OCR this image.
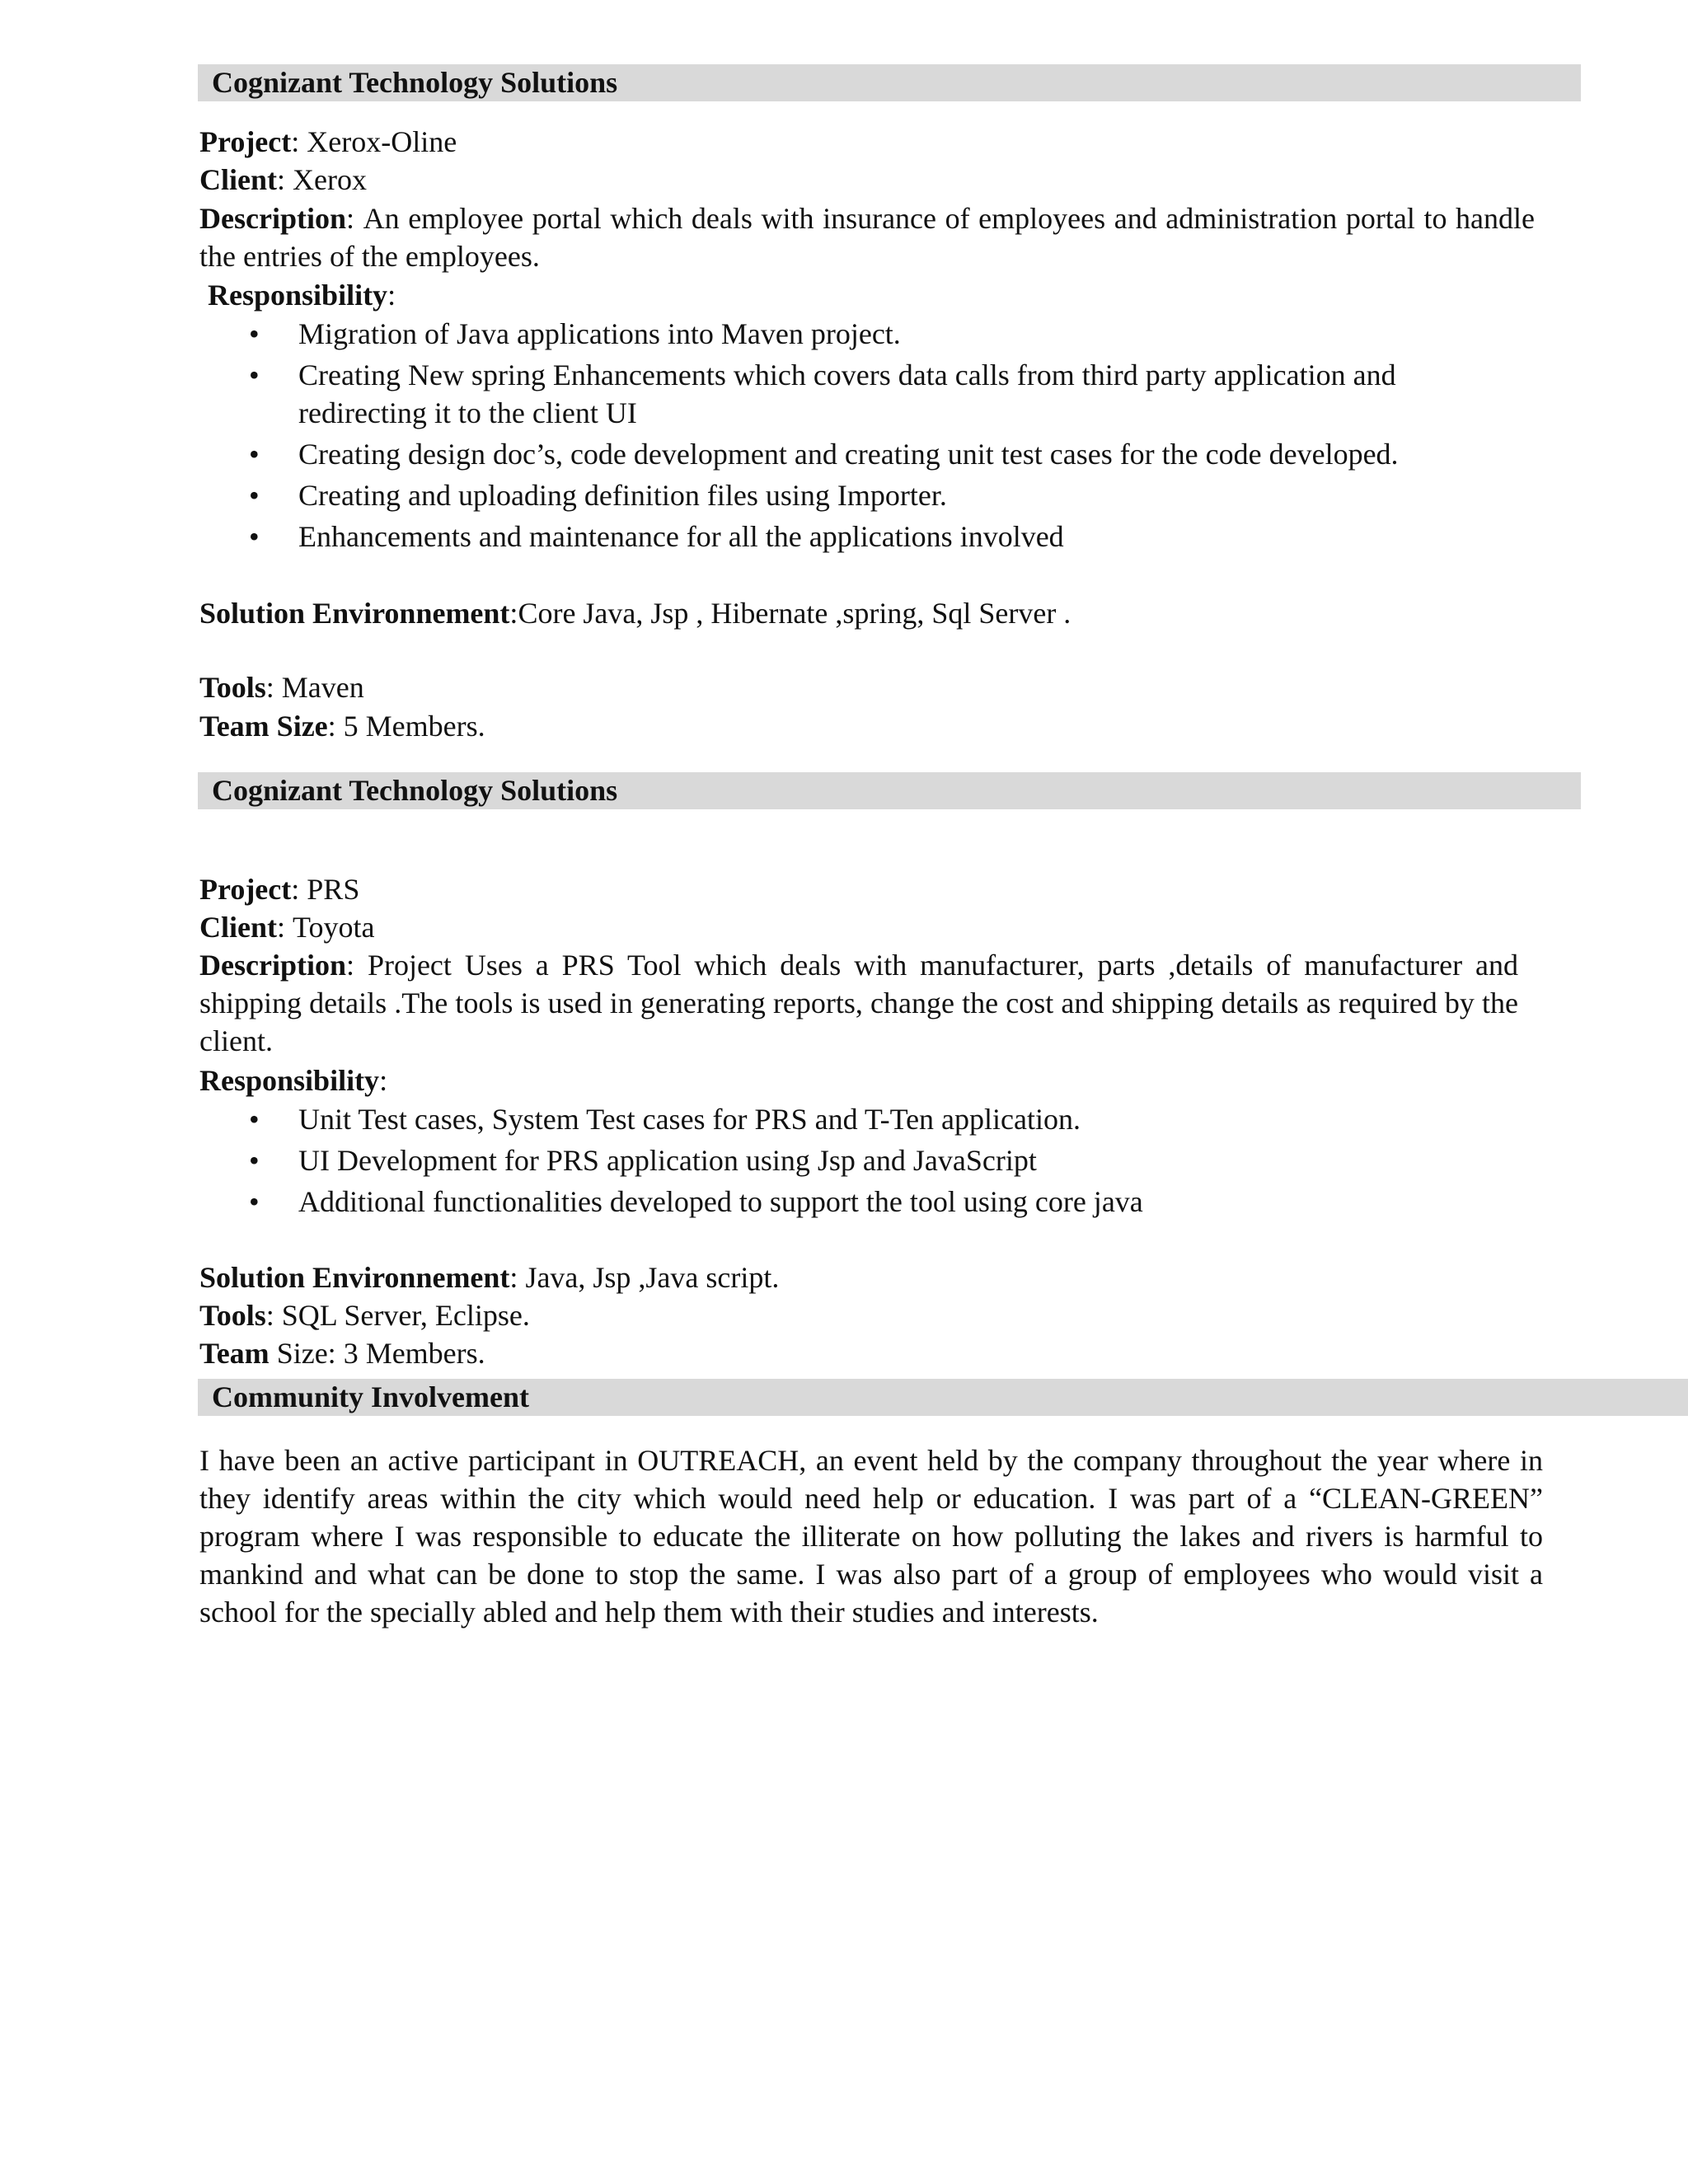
Cognizant Technology Solutions
Project: Xerox-Oline
Client: Xerox
Description: An employee portal which deals with insurance of employees and administration portal to handle the entries of the employees.
Responsibility:
• Migration of Java applications into Maven project.
• Creating New spring Enhancements which covers data calls from third party application and redirecting it to the client UI
• Creating design doc’s, code development and creating unit test cases for the code developed.
• Creating and uploading definition files using Importer.
• Enhancements and maintenance for all the applications involved
Solution Environnement:Core Java, Jsp , Hibernate ,spring, Sql Server .
Tools: Maven
Team Size: 5 Members.
Cognizant Technology Solutions
Project: PRS
Client: Toyota
Description: Project Uses a PRS Tool which deals with manufacturer, parts ,details of manufacturer and shipping details .The tools is used in generating reports, change the cost and shipping details as required by the client.
Responsibility:
• Unit Test cases, System Test cases for PRS and T-Ten application.
• UI Development for PRS application using Jsp and JavaScript
• Additional functionalities developed to support the tool using core java
Solution Environnement: Java, Jsp ,Java script.
Tools: SQL Server, Eclipse.
Team Size: 3 Members.
Community Involvement
I have been an active participant in OUTREACH, an event held by the company throughout the year where in they identify areas within the city which would need help or education. I was part of a “CLEAN-GREEN” program where I was responsible to educate the illiterate on how polluting the lakes and rivers is harmful to mankind and what can be done to stop the same. I was also part of a group of employees who would visit a school for the specially abled and help them with their studies and interests.
